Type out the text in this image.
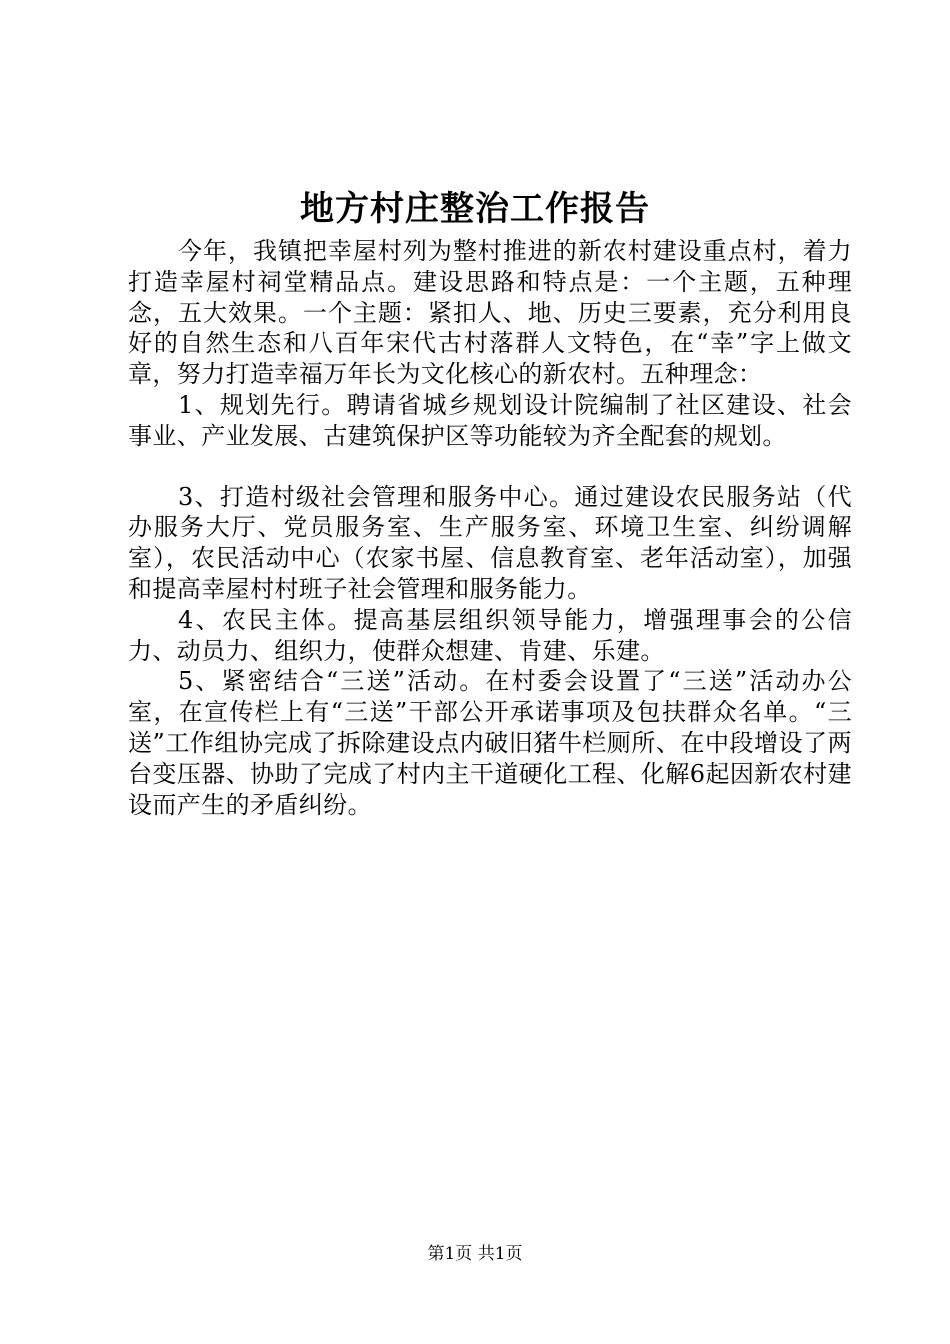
地方村庄整治工作报告

今年，我镇把幸屋村列为整村推进的新农村建设重点村，着力打造幸屋村祠堂精品点。建设思路和特点是：一个主题，五种理念，五大效果。一个主题：紧扣人、地、历史三要素，充分利用良好的自然生态和八百年宋代古村落群人文特色，在“幸”字上做文章，努力打造幸福万年长为文化核心的新农村。五种理念：

1、规划先行。聘请省城乡规划设计院编制了社区建设、社会事业、产业发展、古建筑保护区等功能较为齐全配套的规划。

3、打造村级社会管理和服务中心。通过建设农民服务站（代办服务大厅、党员服务室、生产服务室、环境卫生室、纠纷调解室），农民活动中心（农家书屋、信息教育室、老年活动室），加强和提高幸屋村村班子社会管理和服务能力。

4、农民主体。提高基层组织领导能力，增强理事会的公信力、动员力、组织力，使群众想建、肯建、乐建。

5、紧密结合“三送”活动。在村委会设置了“三送”活动办公室，在宣传栏上有“三送”干部公开承诺事项及包扶群众名单。“三送”工作组协完成了拆除建设点内破旧猪牛栏厕所、在中段增设了两台变压器、协助了完成了村内主干道硬化工程、化解6起因新农村建设而产生的矛盾纠纷。

第1页 共1页
